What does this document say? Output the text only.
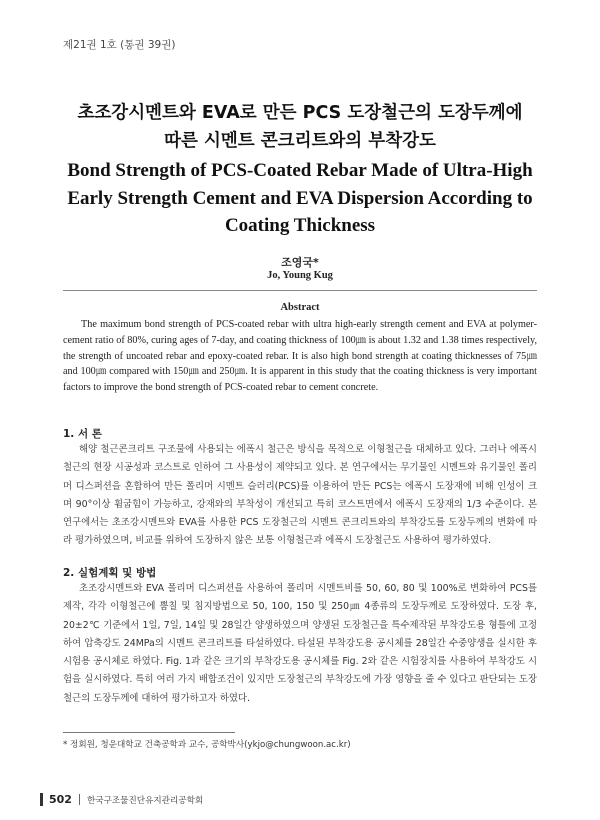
제21권 1호 (통권 39권)
초조강시멘트와 EVA로 만든 PCS 도장철근의 도장두께에
따른 시멘트 콘크리트와의 부착강도
Bond Strength of PCS-Coated Rebar Made of Ultra-High
Early Strength Cement and EVA Dispersion According to
Coating Thickness
조영국*
Jo, Young Kug
Abstract

The maximum bond strength of PCS-coated rebar with ultra high-early strength cement and EVA at polymer-cement ratio of 80%, curing ages of 7-day, and coating thickness of 100㎛ is about 1.32 and 1.38 times respectively, the strength of uncoated rebar and epoxy-coated rebar. It is also high bond strength at coating thicknesses of 75㎛ and 100㎛ compared with 150㎛ and 250㎛. It is apparent in this study that the coating thickness is very important factors to improve the bond strength of PCS-coated rebar to cement concrete.

1. 서 론

해양 철근콘크리트 구조물에 사용되는 에폭시 철근은 방식을 목적으로 이형철근을 대체하고 있다. 그러나 에폭시 철근의 현장 시공성과 코스트로 인하여 그 사용성이 제약되고 있다. 본 연구에서는 무기물인 시멘트와 유기물인 폴리머 디스퍼션을 혼합하여 만든 폴리머 시멘트 슬러리(PCS)를 이용하여 만든 PCS는 에폭시 도장재에 비해 인성이 크며 90°이상 휨굽힘이 가능하고, 강재와의 부착성이 개선되고 특히 코스트면에서 에폭시 도장재의 1/3 수준이다. 본 연구에서는 초조강시멘트와 EVA를 사용한 PCS 도장철근의 시멘트 콘크리트와의 부착강도를 도장두께의 변화에 따라 평가하였으며, 비교를 위하여 도장하지 않은 보통 이형철근과 에폭시 도장철근도 사용하여 평가하였다.

2. 실험계획 및 방법

초조강시멘트와 EVA 폴리머 디스퍼션을 사용하여 폴리머 시멘트비를 50, 60, 80 및 100%로 변화하여 PCS를 제작, 각각 이형철근에 뿜칠 및 침지방법으로 50, 100, 150 및 250㎛ 4종류의 도장두께로 도장하였다. 도장 후, 20±2℃ 기준에서 1일, 7일, 14일 및 28일간 양생하였으며 양생된 도장철근을 특수제작된 부착강도용 형틀에 고정하여 압축강도 24MPa의 시멘트 콘크리트를 타설하였다. 타설된 부착강도용 공시체를 28일간 수중양생을 실시한 후 시험용 공시체로 하였다. Fig. 1과 같은 크기의 부착강도용 공시체를 Fig. 2와 같은 시험장치를 사용하여 부착강도 시험을 실시하였다. 특히 여러 가지 배합조건이 있지만 도장철근의 부착강도에 가장 영향을 줄 수 있다고 판단되는 도장철근의 도장두께에 대하여 평가하고자 하였다.

* 정회원, 청운대학교 건축공학과 교수, 공학박사(ykjo@chungwoon.ac.kr)
502 한국구조물진단유지관리공학회
